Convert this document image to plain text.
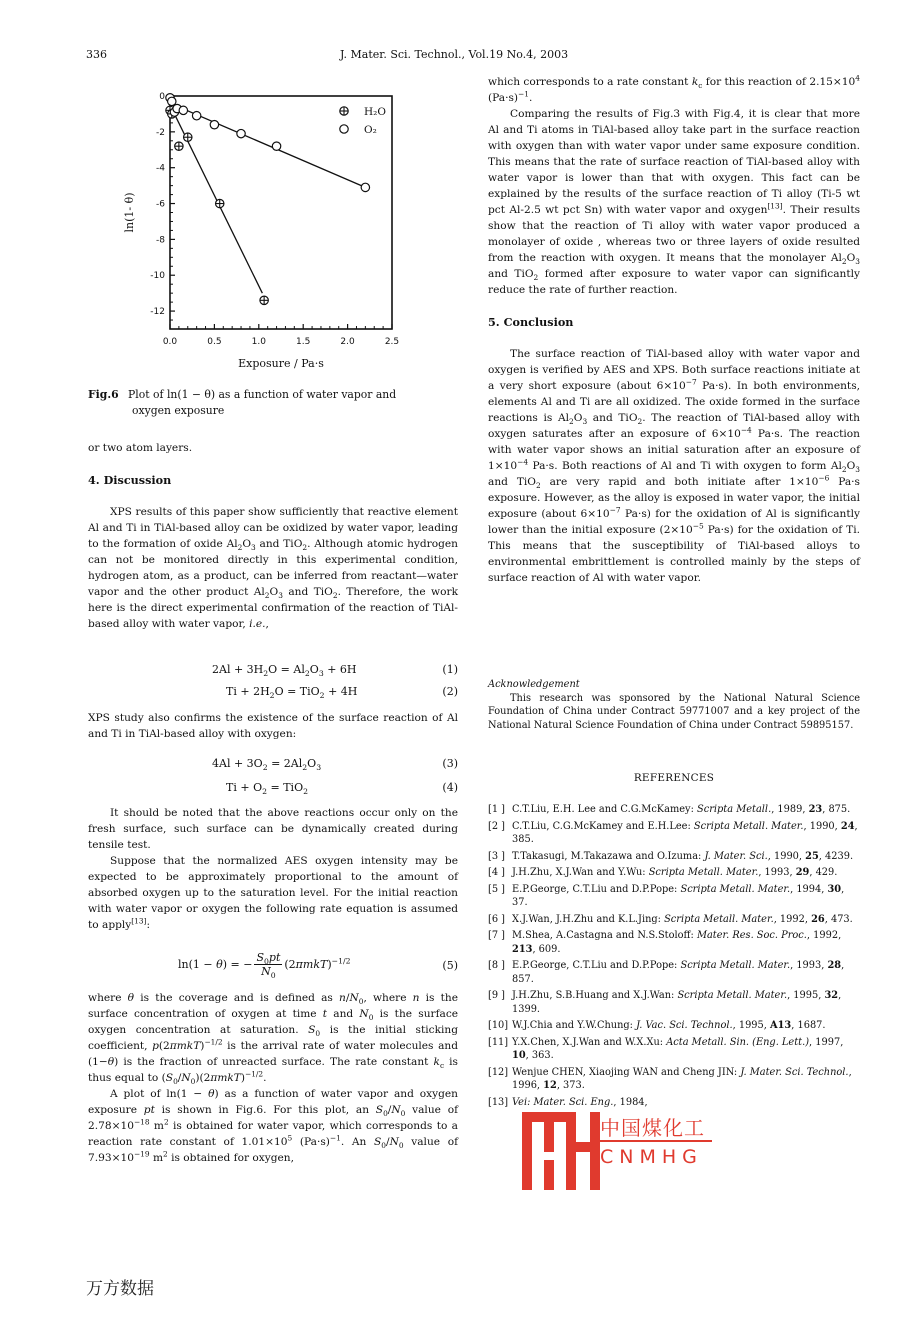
336	J. Mater. Sci. Technol., Vol.19 No.4, 2003
0.0	0.5	1.0	1.5	2.0	2.5
0
-2
-4
-6
-8
-10
-12
Exposure / Pa·s
ln(1- θ)
H₂O
O₂
Fig.6 Plot of ln(1 − θ) as a function of water vapor and
oxygen exposure

or two atom layers.

4. Discussion

XPS results of this paper show sufficiently that reactive element Al and Ti in TiAl-based alloy can be oxidized by water vapor, leading to the formation of oxide $Al_2O_3$ and TiO$_2$. Although atomic hydrogen can not be monitored directly in this experimental condition, hydrogen atom, as a product, can be inferred from reactant—water vapor and the other product $Al_2O_3$ and TiO$_2$. Therefore, the work here is the direct experimental confirmation of the reaction of TiAl-based alloy with water vapor, i.e.,

$2Al + 3H_2O = Al_2O_3 + 6H$	(1)
$Ti + 2H_2O = TiO_2 + 4H$	(2)
XPS study also confirms the existence of the surface reaction of Al and Ti in TiAl-based alloy with oxygen:
$4Al + 3O_2 = 2Al_2O_3$	(3)
$Ti + O_2 = TiO_2$	(4)

It should be noted that the above reactions occur only on the fresh surface, such surface can be dynamically created during tensile test.

Suppose that the normalized AES oxygen intensity may be expected to be approximately proportional to the amount of absorbed oxygen up to the saturation level. For the initial reaction with water vapor or oxygen the following rate equation is assumed to apply[13]:

ln(1 − θ) = − $\frac{S_0pt}{N_0} (2\pi mkT)^{-1/2}$	(5)

where θ is the coverage and is defined as $n/N_0$, where n is the surface concentration of oxygen at time t and $N_0$ is the surface oxygen concentration at saturation. $S_0$ is the initial sticking coefficient, $p(2\pi mkT)^{-1/2}$ is the arrival rate of water molecules and (1−θ) is the fraction of unreacted surface. The rate constant $k_c$ is thus equal to $(S_0/N_0)(2\pi mkT)^{-1/2}$.

A plot of ln(1 − θ) as a function of water vapor and oxygen exposure pt is shown in Fig.6. For this plot, an $S_0/N_0$ value of $2.78\times 10^{-18}$ $m^2$ is obtained for water vapor, which corresponds to a reaction rate constant of $1.01\times 10^5$ $(Pa\cdot s)^{-1}$. An $S_0/N_0$ value of $7.93\times 10^{-19}$ $m^2$ is obtained for oxygen,

which corresponds to a rate constant $k_c$ for this reaction of $2.15\times 10^4$ $(Pa\cdot s)^{-1}$.

Comparing the results of Fig.3 with Fig.4, it is clear that more Al and Ti atoms in TiAl-based alloy take part in the surface reaction with oxygen than with water vapor under same exposure condition. This means that the rate of surface reaction of TiAl-based alloy with water vapor is lower than that with oxygen. This fact can be explained by the results of the surface reaction of Ti alloy (Ti-5 wt pct Al-2.5 wt pct Sn) with water vapor and oxygen[13]. Their results show that the reaction of Ti alloy with water vapor produced a monolayer of oxide , whereas two or three layers of oxide resulted from the reaction with oxygen. It means that the monolayer $Al_2O_3$ and TiO$_2$ formed after exposure to water vapor can significantly reduce the rate of further reaction.

5. Conclusion

The surface reaction of TiAl-based alloy with water vapor and oxygen is verified by AES and XPS. Both surface reactions initiate at a very short exposure (about $6\times 10^{-7}$ Pa·s). In both environments, elements Al and Ti are all oxidized. The oxide formed in the surface reactions is $Al_2O_3$ and TiO$_2$. The reaction of TiAl-based alloy with oxygen saturates after an exposure of $6\times 10^{-4}$ Pa·s. The reaction with water vapor shows an initial saturation after an exposure of $1\times 10^{-4}$ Pa·s. Both reactions of Al and Ti with oxygen to form $Al_2O_3$ and TiO$_2$ are very rapid and both initiate after $1\times 10^{-6}$ Pa·s exposure. However, as the alloy is exposed in water vapor, the initial exposure (about $6\times 10^{-7}$ Pa·s) for the oxidation of Al is significantly lower than the initial exposure ($2\times 10^{-5}$ Pa·s) for the oxidation of Ti. This means that the susceptibility of TiAl-based alloys to environmental embrittlement is controlled mainly by the steps of surface reaction of Al with water vapor.

Acknowledgement
This research was sponsored by the National Natural Science Foundation of China under Contract 59771007 and a key project of the National Natural Science Foundation of China under Contract 59895157.
REFERENCES
[1 ] C.T.Liu, E.H. Lee and C.G.McKamey: Scripta Metall., 1989, 23, 875.
[2 ] C.T.Liu, C.G.McKamey and E.H.Lee: Scripta Metall. Mater., 1990, 24, 385.
[3 ] T.Takasugi, M.Takazawa and O.Izuma: J. Mater. Sci., 1990, 25, 4239.
[4 ] J.H.Zhu, X.J.Wan and Y.Wu: Scripta Metall. Mater., 1993, 29, 429.
[5 ] E.P.George, C.T.Liu and D.P.Pope: Scripta Metall. Mater., 1994, 30, 37.
[6 ] X.J.Wan, J.H.Zhu and K.L.Jing: Scripta Metall. Mater., 1992, 26, 473.
[7 ] M.Shea, A.Castagna and N.S.Stoloff: Mater. Res. Soc. Proc., 1992, 213, 609.
[8 ] E.P.George, C.T.Liu and D.P.Pope: Scripta Metall. Mater., 1993, 28, 857.
[9 ] J.H.Zhu, S.B.Huang and X.J.Wan: Scripta Metall. Mater., 1995, 32, 1399.
[10] W.J.Chia and Y.W.Chung: J. Vac. Sci. Technol., 1995, A13, 1687.
[11] Y.X.Chen, X.J.Wan and W.X.Xu: Acta Metall. Sin. (Eng. Lett.), 1997, 10, 363.
[12] Wenjue CHEN, Xiaojing WAN and Cheng JIN: J. Mater. Sci. Technol., 1996, 12, 373.
[13] Vei: Mater. Sci. Eng., 1984,
中国煤化工
CNMHG
万方数据
